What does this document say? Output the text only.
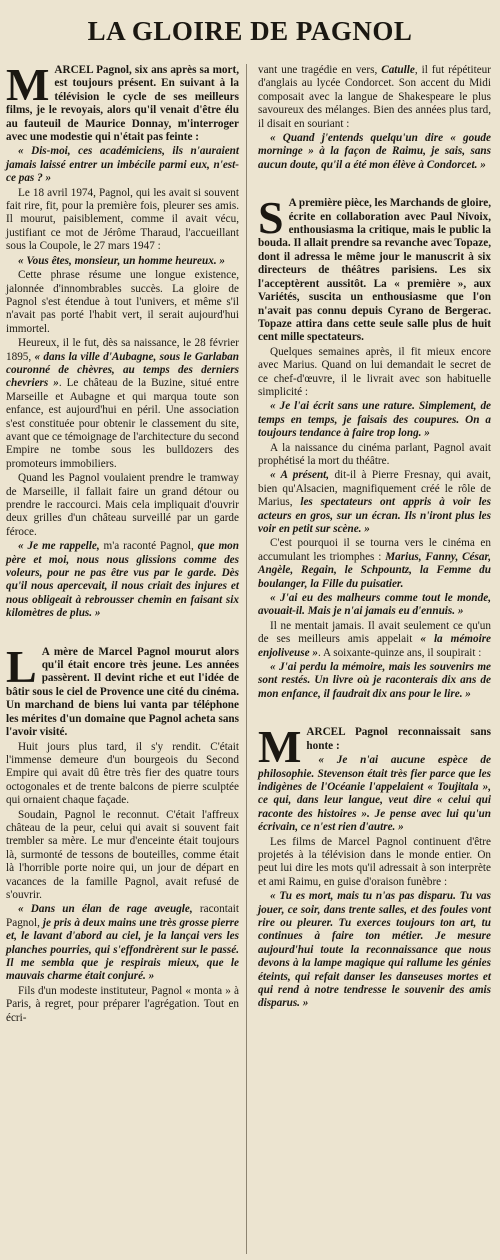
LA GLOIRE DE PAGNOL

MARCEL Pagnol, six ans après sa mort, est toujours présent. En suivant à la télévision le cycle de ses meilleurs films, je le revoyais, alors qu'il venait d'être élu au fauteuil de Maurice Donnay, m'interroger avec une modestie qui n'était pas feinte :

« Dis-moi, ces académiciens, ils n'auraient jamais laissé entrer un imbécile parmi eux, n'est-ce pas ? »

Le 18 avril 1974, Pagnol, qui les avait si souvent fait rire, fit, pour la première fois, pleurer ses amis. Il mourut, paisiblement, comme il avait vécu, justifiant ce mot de Jérôme Tharaud, l'accueillant sous la Coupole, le 27 mars 1947 :

« Vous êtes, monsieur, un homme heureux. »

Cette phrase résume une longue existence, jalonnée d'innombrables succès. La gloire de Pagnol s'est étendue à tout l'univers, et même s'il n'avait pas porté l'habit vert, il serait aujourd'hui immortel.

Heureux, il le fut, dès sa naissance, le 28 février 1895, « dans la ville d'Aubagne, sous le Garlaban couronné de chèvres, au temps des derniers chevriers ». Le château de la Buzine, situé entre Marseille et Aubagne et qui marqua toute son enfance, est aujourd'hui en péril. Une association s'est constituée pour obtenir le classement du site, avant que ce témoignage de l'architecture du second Empire ne tombe sous les bulldozers des promoteurs immobiliers.

Quand les Pagnol voulaient prendre le tramway de Marseille, il fallait faire un grand détour ou prendre le raccourci. Mais cela impliquait d'ouvrir deux grilles d'un château surveillé par un garde féroce.

« Je me rappelle, m'a raconté Pagnol, que mon père et moi, nous nous glissions comme des voleurs, pour ne pas être vus par le garde. Dès qu'il nous apercevait, il nous criait des injures et nous obligeait à rebrousser chemin en faisant six kilomètres de plus. »

L A mère de Marcel Pagnol mourut alors qu'il était encore très jeune. Les années passèrent. Il devint riche et eut l'idée de bâtir sous le ciel de Provence une cité du cinéma. Un marchand de biens lui vanta par téléphone les mérites d'un domaine que Pagnol acheta sans l'avoir visité.

Huit jours plus tard, il s'y rendit. C'était l'immense demeure d'un bourgeois du Second Empire qui avait dû être très fier des quatre tours octogonales et de trente balcons de pierre sculptée qui ornaient chaque façade.

Soudain, Pagnol le reconnut. C'était l'affreux château de la peur, celui qui avait si souvent fait trembler sa mère. Le mur d'enceinte était toujours là, surmonté de tessons de bouteilles, comme était là l'horrible porte noire qui, un jour de départ en vacances de la famille Pagnol, avait refusé de s'ouvrir.

« Dans un élan de rage aveugle, racontait Pagnol, je pris à deux mains une très grosse pierre et, le lavant d'abord au ciel, je la lançai vers les planches pourries, qui s'effondrèrent sur le passé. Il me sembla que je respirais mieux, que le mauvais charme était conjuré. »

Fils d'un modeste instituteur, Pagnol « monta » à Paris, à regret, pour préparer l'agrégation. Tout en écri-

vant une tragédie en vers, Catulle, il fut répétiteur d'anglais au lycée Condorcet. Son accent du Midi composait avec la langue de Shakespeare le plus savoureux des mélanges. Bien des années plus tard, il disait en souriant :

« Quand j'entends quelqu'un dire « goude morninge » à la façon de Raimu, je sais, sans aucun doute, qu'il a été mon élève à Condorcet. »

S A première pièce, les Marchands de gloire, écrite en collaboration avec Paul Nivoix, enthousiasma la critique, mais le public la bouda. Il allait prendre sa revanche avec Topaze, dont il adressa le même jour le manuscrit à six directeurs de théâtres parisiens. Les six l'acceptèrent aussitôt. La « première », aux Variétés, suscita un enthousiasme que l'on n'avait pas connu depuis Cyrano de Bergerac. Topaze attira dans cette seule salle plus de huit cent mille spectateurs.

Quelques semaines après, il fit mieux encore avec Marius. Quand on lui demandait le secret de ce chef-d'œuvre, il le livrait avec son habituelle simplicité :

« Je l'ai écrit sans une rature. Simplement, de temps en temps, je faisais des coupures. On a toujours tendance à faire trop long. »

A la naissance du cinéma parlant, Pagnol avait prophétisé la mort du théâtre.

« A présent, dit-il à Pierre Fresnay, qui avait, bien qu'Alsacien, magnifiquement créé le rôle de Marius, les spectateurs ont appris à voir les acteurs en gros, sur un écran. Ils n'iront plus les voir en petit sur scène. »

C'est pourquoi il se tourna vers le cinéma en accumulant les triomphes : Marius, Fanny, César, Angèle, Regain, le Schpountz, la Femme du boulanger, la Fille du puisatier.

« J'ai eu des malheurs comme tout le monde, avouait-il. Mais je n'ai jamais eu d'ennuis. »

Il ne mentait jamais. Il avait seulement ce qu'un de ses meilleurs amis appelait « la mémoire enjoliveuse ». A soixante-quinze ans, il soupirait :

« J'ai perdu la mémoire, mais les souvenirs me sont restés. Un livre où je raconterais dix ans de mon enfance, il faudrait dix ans pour le lire. »

MARCEL Pagnol reconnaissait sans honte :

« Je n'ai aucune espèce de philosophie. Stevenson était très fier parce que les indigènes de l'Océanie l'appelaient « Toujitala », ce qui, dans leur langue, veut dire « celui qui raconte des histoires ». Je pense avec lui qu'un écrivain, ce n'est rien d'autre. »

Les films de Marcel Pagnol continuent d'être projetés à la télévision dans le monde entier. On peut lui dire les mots qu'il adressait à son interprète et ami Raimu, en guise d'oraison funèbre :

« Tu es mort, mais tu n'as pas disparu. Tu vas jouer, ce soir, dans trente salles, et des foules vont rire ou pleurer. Tu exerces toujours ton art, tu continues à faire ton métier. Je mesure aujourd'hui toute la reconnaissance que nous devons à la lampe magique qui rallume les génies éteints, qui refait danser les danseuses mortes et qui rend à notre tendresse le souvenir des amis disparus. »
